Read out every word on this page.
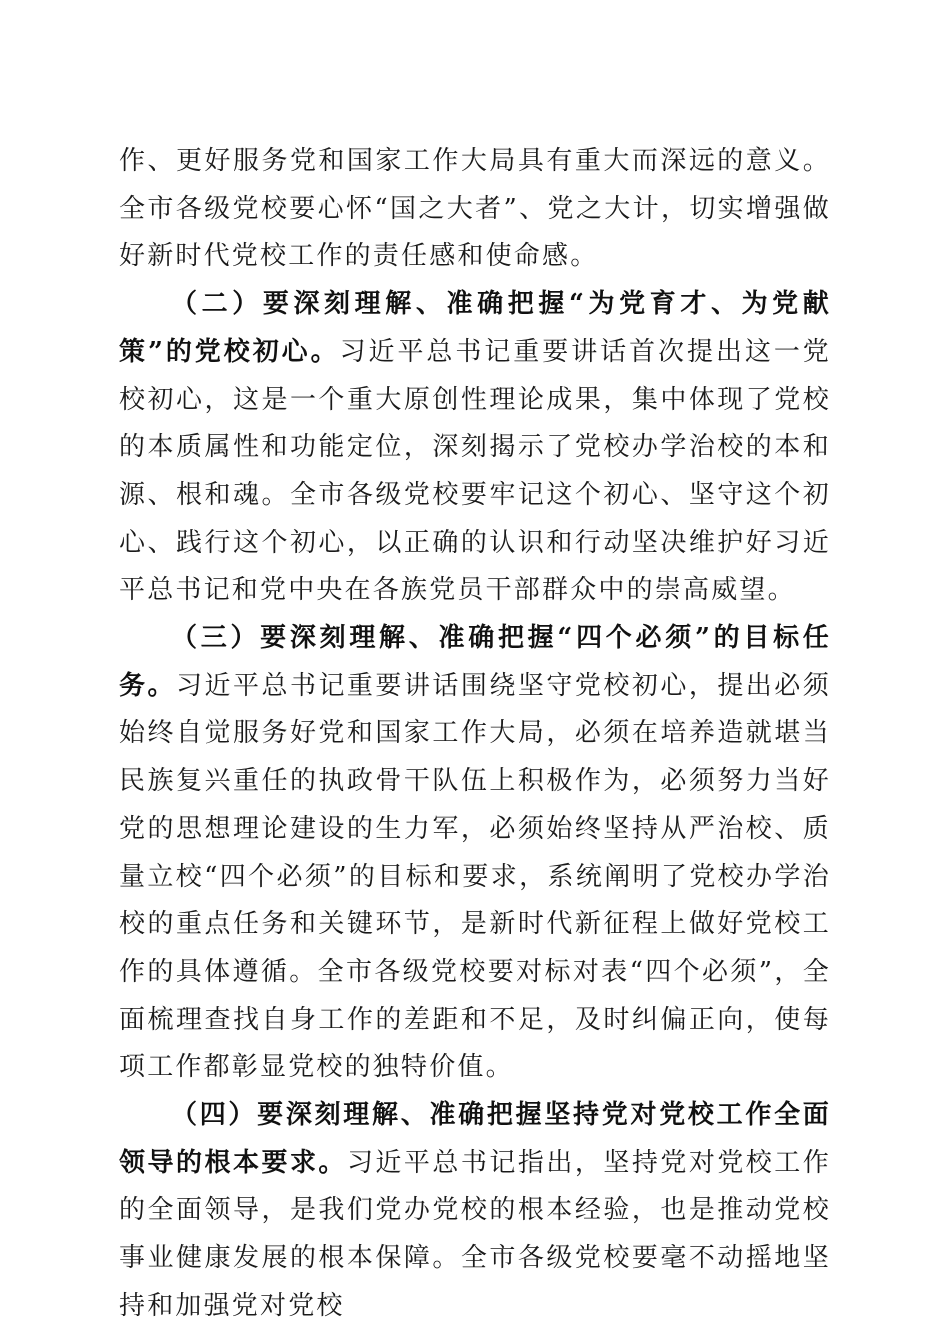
作、更好服务党和国家工作大局具有重大而深远的意义。全市各级党校要心怀“国之大者”、党之大计，切实增强做好新时代党校工作的责任感和使命感。

（二）要深刻理解、准确把握“为党育才、为党献策”的党校初心。习近平总书记重要讲话首次提出这一党校初心，这是一个重大原创性理论成果，集中体现了党校的本质属性和功能定位，深刻揭示了党校办学治校的本和源、根和魂。全市各级党校要牢记这个初心、坚守这个初心、践行这个初心，以正确的认识和行动坚决维护好习近平总书记和党中央在各族党员干部群众中的崇高威望。

（三）要深刻理解、准确把握“四个必须”的目标任务。习近平总书记重要讲话围绕坚守党校初心，提出必须始终自觉服务好党和国家工作大局，必须在培养造就堪当民族复兴重任的执政骨干队伍上积极作为，必须努力当好党的思想理论建设的生力军，必须始终坚持从严治校、质量立校“四个必须”的目标和要求，系统阐明了党校办学治校的重点任务和关键环节，是新时代新征程上做好党校工作的具体遵循。全市各级党校要对标对表“四个必须”，全面梳理查找自身工作的差距和不足，及时纠偏正向，使每项工作都彰显党校的独特价值。

（四）要深刻理解、准确把握坚持党对党校工作全面领导的根本要求。习近平总书记指出，坚持党对党校工作的全面领导，是我们党办党校的根本经验，也是推动党校事业健康发展的根本保障。全市各级党校要毫不动摇地坚持和加强党对党校
